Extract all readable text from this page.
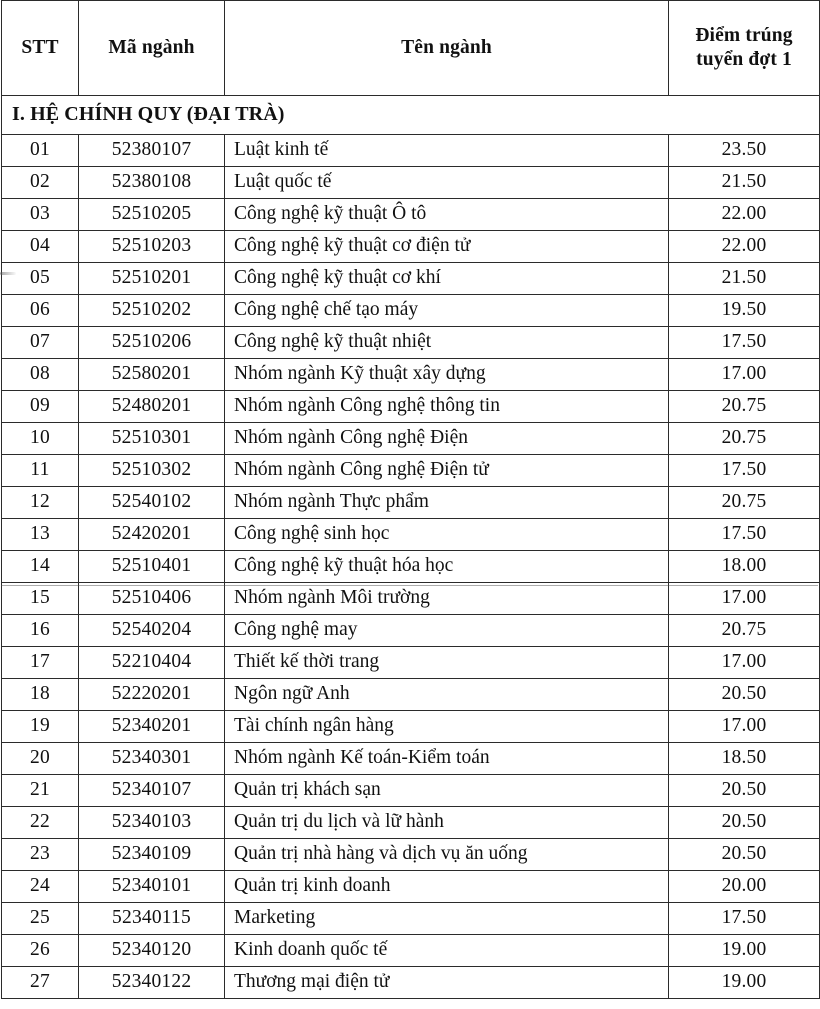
STT	Mã ngành	Tên ngành	Điểm trúng
tuyển đợt 1
I. HỆ CHÍNH QUY (ĐẠI TRÀ)			
01	52380107	Luật kinh tế	23.50
02	52380108	Luật quốc tế	21.50
03	52510205	Công nghệ kỹ thuật Ô tô	22.00
04	52510203	Công nghệ kỹ thuật cơ điện tử	22.00
05	52510201	Công nghệ kỹ thuật cơ khí	21.50
06	52510202	Công nghệ chế tạo máy	19.50
07	52510206	Công nghệ kỹ thuật nhiệt	17.50
08	52580201	Nhóm ngành Kỹ thuật xây dựng	17.00
09	52480201	Nhóm ngành Công nghệ thông tin	20.75
10	52510301	Nhóm ngành Công nghệ Điện	20.75
11	52510302	Nhóm ngành Công nghệ Điện tử	17.50
12	52540102	Nhóm ngành Thực phẩm	20.75
13	52420201	Công nghệ sinh học	17.50
14	52510401	Công nghệ kỹ thuật hóa học	18.00
15	52510406	Nhóm ngành Môi trường	17.00
16	52540204	Công nghệ may	20.75
17	52210404	Thiết kế thời trang	17.00
18	52220201	Ngôn ngữ Anh	20.50
19	52340201	Tài chính ngân hàng	17.00
20	52340301	Nhóm ngành Kế toán-Kiểm toán	18.50
21	52340107	Quản trị khách sạn	20.50
22	52340103	Quản trị du lịch và lữ hành	20.50
23	52340109	Quản trị nhà hàng và dịch vụ ăn uống	20.50
24	52340101	Quản trị kinh doanh	20.00
25	52340115	Marketing	17.50
26	52340120	Kinh doanh quốc tế	19.00
27	52340122	Thương mại điện tử	19.00
